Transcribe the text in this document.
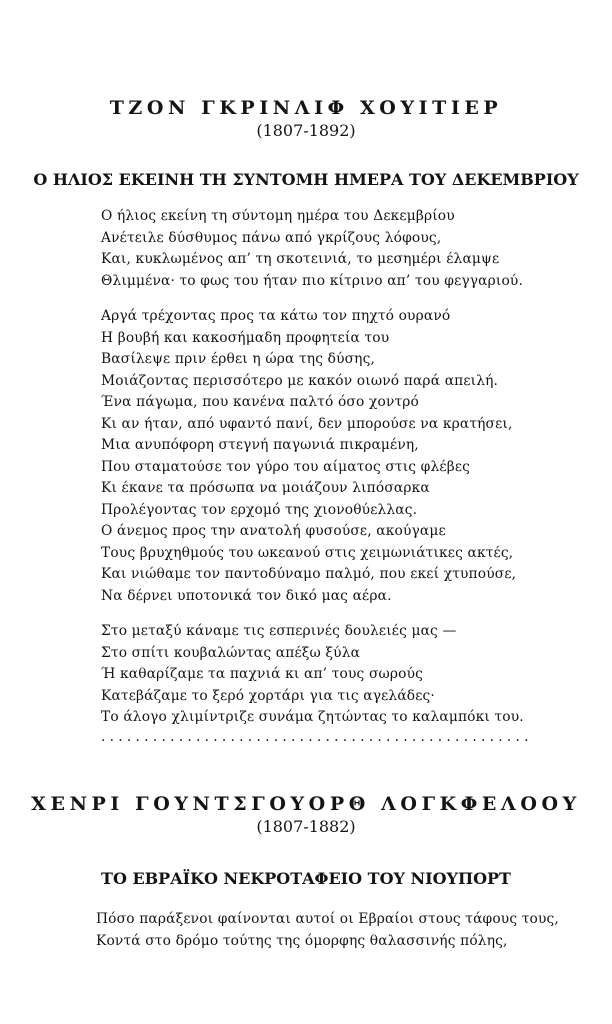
ΤΖΟΝ ΓΚΡΙΝΛΙΦ ΧΟΥΙΤΙΕΡ
(1807-1892)
Ο ΗΛΙΟΣ ΕΚΕΙΝΗ ΤΗ ΣΥΝΤΟΜΗ ΗΜΕΡΑ ΤΟΥ ΔΕΚΕΜΒΡΙΟΥ
Ο ήλιος εκείνη τη σύντομη ημέρα του Δεκεμβρίου
Ανέτειλε δύσθυμος πάνω από γκρίζους λόφους,
Και, κυκλωμένος απ’ τη σκοτεινιά, το μεσημέρι έλαμψε
Θλιμμένα· το φως του ήταν πιο κίτρινο απ’ του φεγγαριού.
Αργά τρέχοντας προς τα κάτω τον πηχτό ουρανό
Η βουβή και κακοσήμαδη προφητεία του
Βασίλεψε πριν έρθει η ώρα της δύσης,
Μοιάζοντας περισσότερο με κακόν οιωνό παρά απειλή.
Ένα πάγωμα, που κανένα παλτό όσο χοντρό
Κι αν ήταν, από υφαντό πανί, δεν μπορούσε να κρατήσει,
Μια ανυπόφορη στεγνή παγωνιά πικραμένη,
Που σταματούσε τον γύρο του αίματος στις φλέβες
Κι έκανε τα πρόσωπα να μοιάζουν λιπόσαρκα
Προλέγοντας τον ερχομό της χιονοθύελλας.
Ο άνεμος προς την ανατολή φυσούσε, ακούγαμε
Τους βρυχηθμούς του ωκεανού στις χειμωνιάτικες ακτές,
Και νιώθαμε τον παντοδύναμο παλμό, που εκεί χτυπούσε,
Να δέρνει υποτονικά τον δικό μας αέρα.
Στο μεταξύ κάναμε τις εσπερινές δουλειές μας —
Στο σπίτι κουβαλώντας απέξω ξύλα
Ή καθαρίζαμε τα παχνιά κι απ’ τους σωρούς
Κατεβάζαμε το ξερό χορτάρι για τις αγελάδες·
Το άλογο χλιμίντριζε συνάμα ζητώντας το καλαμπόκι του.
..................................................
ΧΕΝΡΙ ΓΟΥΝΤΣΓΟΥΟΡΘ ΛΟΓΚΦΕΛΟΟΥ
(1807-1882)
ΤΟ ΕΒΡΑΪΚΟ ΝΕΚΡΟΤΑΦΕΙΟ ΤΟΥ ΝΙΟΥΠΟΡΤ
Πόσο παράξενοι φαίνονται αυτοί οι Εβραίοι στους τάφους τους,
Κοντά στο δρόμο τούτης της όμορφης θαλασσινής πόλης,
